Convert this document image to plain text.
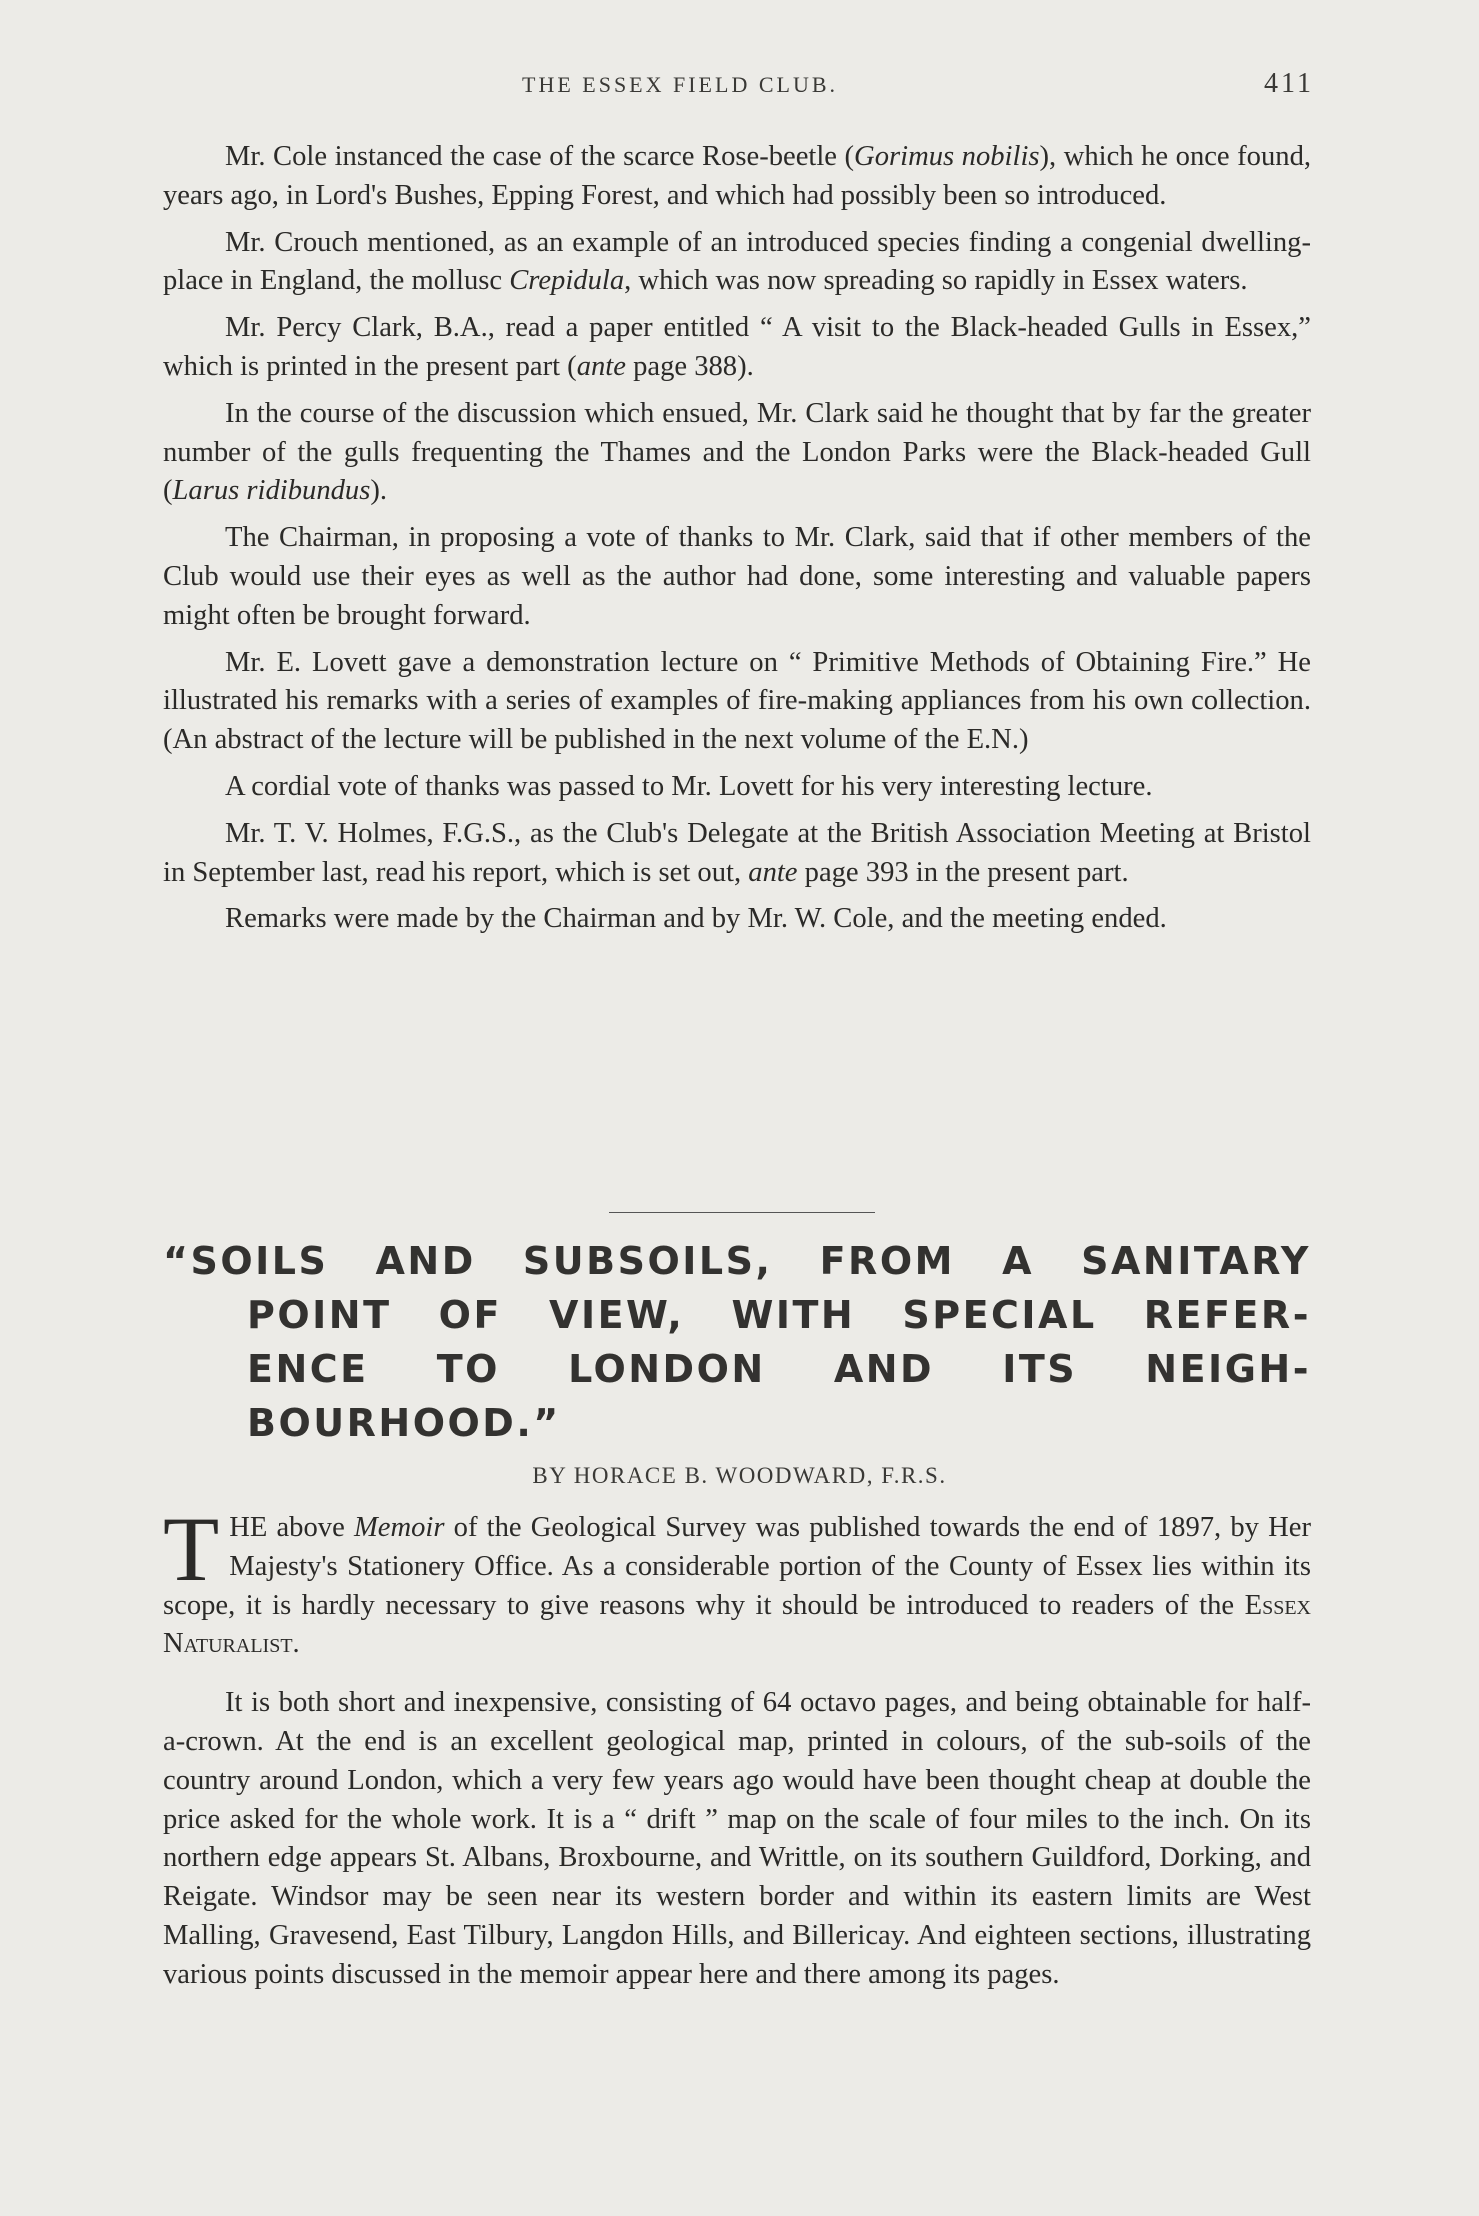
THE ESSEX FIELD CLUB.	411

Mr. Cole instanced the case of the scarce Rose-beetle (Gorimus nobilis), which he once found, years ago, in Lord's Bushes, Epping Forest, and which had possibly been so introduced.

Mr. Crouch mentioned, as an example of an introduced species finding a congenial dwelling-place in England, the mollusc Crepidula, which was now spreading so rapidly in Essex waters.

Mr. Percy Clark, B.A., read a paper entitled “ A visit to the Black-headed Gulls in Essex,” which is printed in the present part (ante page 388).

In the course of the discussion which ensued, Mr. Clark said he thought that by far the greater number of the gulls frequenting the Thames and the London Parks were the Black-headed Gull (Larus ridibundus).

The Chairman, in proposing a vote of thanks to Mr. Clark, said that if other members of the Club would use their eyes as well as the author had done, some interesting and valuable papers might often be brought forward.

Mr. E. Lovett gave a demonstration lecture on “ Primitive Methods of Obtaining Fire.” He illustrated his remarks with a series of examples of fire-making appliances from his own collection. (An abstract of the lecture will be published in the next volume of the E.N.)

A cordial vote of thanks was passed to Mr. Lovett for his very interesting lecture.

Mr. T. V. Holmes, F.G.S., as the Club's Delegate at the British Association Meeting at Bristol in September last, read his report, which is set out, ante page 393 in the present part.

Remarks were made by the Chairman and by Mr. W. Cole, and the meeting ended.

“SOILS AND SUBSOILS, FROM A SANITARY
POINT OF VIEW, WITH SPECIAL REFER-
ENCE TO LONDON AND ITS NEIGH-
BOURHOOD.”
BY HORACE B. WOODWARD, F.R.S.

T HE above Memoir of the Geological Survey was published towards the end of 1897, by Her Majesty's Stationery Office. As a considerable portion of the County of Essex lies within its scope, it is hardly necessary to give reasons why it should be introduced to readers of the Essex Naturalist.

It is both short and inexpensive, consisting of 64 octavo pages, and being obtainable for half-a-crown. At the end is an excellent geological map, printed in colours, of the sub-soils of the country around London, which a very few years ago would have been thought cheap at double the price asked for the whole work. It is a “ drift ” map on the scale of four miles to the inch. On its northern edge appears St. Albans, Broxbourne, and Writtle, on its southern Guildford, Dorking, and Reigate. Windsor may be seen near its western border and within its eastern limits are West Malling, Gravesend, East Tilbury, Langdon Hills, and Billericay. And eighteen sections, illustrating various points discussed in the memoir appear here and there among its pages.
